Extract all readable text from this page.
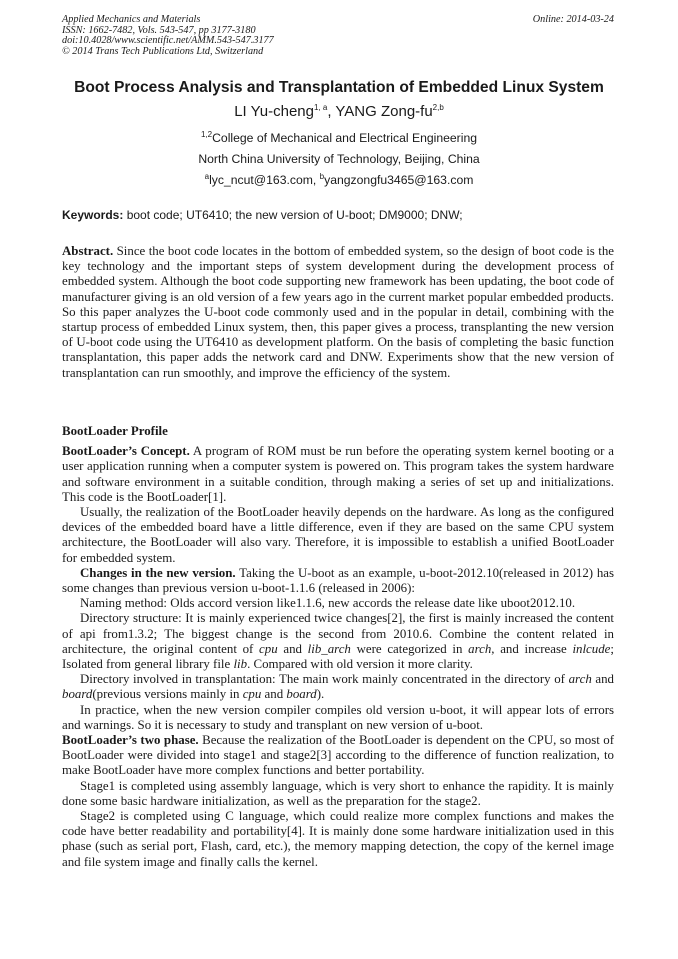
Applied Mechanics and Materials
ISSN: 1662-7482, Vols. 543-547, pp 3177-3180
doi:10.4028/www.scientific.net/AMM.543-547.3177
© 2014 Trans Tech Publications Ltd, Switzerland
Online: 2014-03-24
Boot Process Analysis and Transplantation of Embedded Linux System
LI Yu-cheng$^{1, a}$, YANG Zong-fu$^{2,b}$
$^{1,2}$College of Mechanical and Electrical Engineering
North China University of Technology, Beijing, China
$^a$lyc_ncut@163.com, $^b$yangzongfu3465@163.com
Keywords: boot code; UT6410; the new version of U-boot; DM9000; DNW;

Abstract. Since the boot code locates in the bottom of embedded system, so the design of boot code is the key technology and the important steps of system development during the development process of embedded system. Although the boot code supporting new framework has been updating, the boot code of manufacturer giving is an old version of a few years ago in the current market popular embedded products. So this paper analyzes the U-boot code commonly used and in the popular in detail, combining with the startup process of embedded Linux system, then, this paper gives a process, transplanting the new version of U-boot code using the UT6410 as development platform. On the basis of completing the basic function transplantation, this paper adds the network card and DNW. Experiments show that the new version of transplantation can run smoothly, and improve the efficiency of the system.

BootLoader Profile

BootLoader’s Concept. A program of ROM must be run before the operating system kernel booting or a user application running when a computer system is powered on. This program takes the system hardware and software environment in a suitable condition, through making a series of set up and initializations. This code is the BootLoader[1].

Usually, the realization of the BootLoader heavily depends on the hardware. As long as the configured devices of the embedded board have a little difference, even if they are based on the same CPU system architecture, the BootLoader will also vary. Therefore, it is impossible to establish a unified BootLoader for embedded system.

Changes in the new version. Taking the U-boot as an example, u-boot-2012.10(released in 2012) has some changes than previous version u-boot-1.1.6 (released in 2006):

Naming method: Olds accord version like1.1.6, new accords the release date like uboot2012.10.

Directory structure: It is mainly experienced twice changes[2], the first is mainly increased the content of api from1.3.2; The biggest change is the second from 2010.6. Combine the content related in architecture, the original content of cpu and lib_arch were categorized in arch, and increase inlcude; Isolated from general library file lib. Compared with old version it more clarity.

Directory involved in transplantation: The main work mainly concentrated in the directory of arch and board(previous versions mainly in cpu and board).

In practice, when the new version compiler compiles old version u-boot, it will appear lots of errors and warnings. So it is necessary to study and transplant on new version of u-boot.

BootLoader’s two phase. Because the realization of the BootLoader is dependent on the CPU, so most of BootLoader were divided into stage1 and stage2[3] according to the difference of function realization, to make BootLoader have more complex functions and better portability.

Stage1 is completed using assembly language, which is very short to enhance the rapidity. It is mainly done some basic hardware initialization, as well as the preparation for the stage2.

Stage2 is completed using C language, which could realize more complex functions and makes the code have better readability and portability[4]. It is mainly done some hardware initialization used in this phase (such as serial port, Flash, card, etc.), the memory mapping detection, the copy of the kernel image and file system image and finally calls the kernel.
